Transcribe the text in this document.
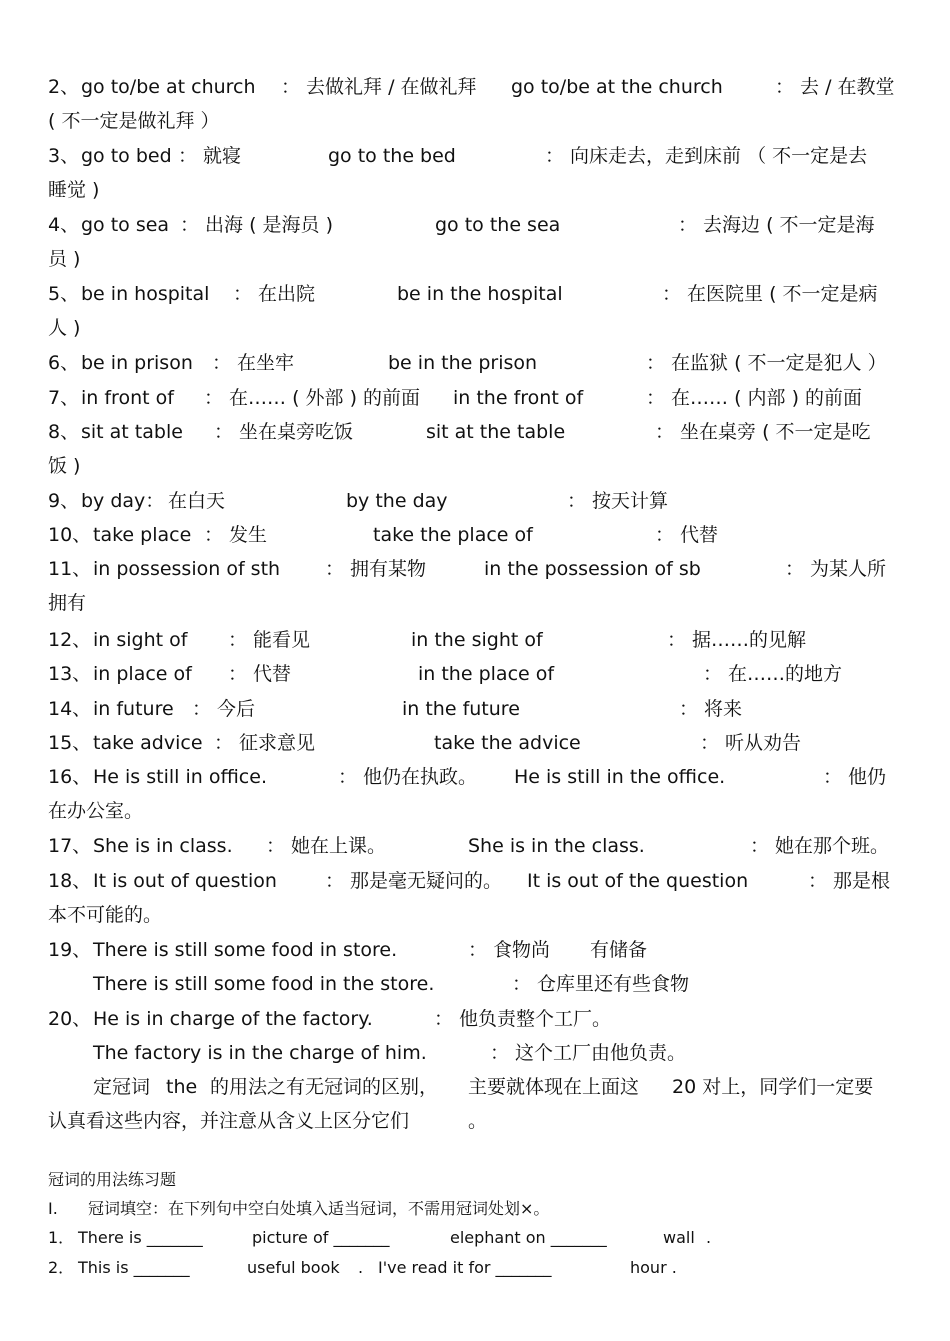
2、 go to/be at church ： 去做礼拜 / 在做礼拜 go to/be at the church	： 去 / 在教堂
( 不一定是做礼拜 ）
3、 go to bed ： 就寝	go to the bed	： 向床走去，走到床前 （ 不一定是去
睡觉 )
4、 go to sea ： 出海 ( 是海员 )	go to the sea	： 去海边 ( 不一定是海
员 )
5、 be in hospital ： 在出院	be in the hospital	： 在医院里 ( 不一定是病
人 )
6、 be in prison ： 在坐牢	be in the prison	： 在监狱 ( 不一定是犯人 ）
7、 in front of ： 在…… ( 外部 ) 的前面 in the front of	： 在…… ( 内部 ) 的前面
8、 sit at table ： 坐在桌旁吃饭	sit at the table	： 坐在桌旁 ( 不一定是吃
饭 )
9、 by day： 在白天	by the day	： 按天计算
10、 take place ： 发生	take the place of	： 代替
11、 in possession of sth ： 拥有某物	in the possession of sb	： 为某人所
拥有
12、 in sight of ： 能看见	in the sight of	： 据……的见解
13、 in place of ： 代替	in the place of	： 在……的地方
14、 in future ： 今后	in the future	： 将来
15、 take advice ： 征求意见	take the advice	： 听从劝告
16、 He is still in office.	： 他仍在执政。 He is still in the office.	： 他仍
在办公室。
17、 She is in class. ： 她在上课。	She is in the class.	： 她在那个班。
18、 It is out of question	： 那是毫无疑问的。 It is out of the question	： 那是根
本不可能的。
19、 There is still some food in store.	： 食物尚 有储备
There is still some food in the store.	： 仓库里还有些食物
20、 He is in charge of the factory.	： 他负责整个工厂。
The factory is in the charge of him.	： 这个工厂由他负责。
定冠词 the 的用法之有无冠词的区别， 主要就体现在上面这 20 对上，同学们一定要
认真看这些内容，并注意从含义上区分它们	。
冠词的用法练习题
I. 冠词填空：在下列句中空白处填入适当冠词，不需用冠词处划×。
1． There is _______	picture of _______	elephant on _______	wall .
2． This is _______	useful book . I've read it for _______	hour .
